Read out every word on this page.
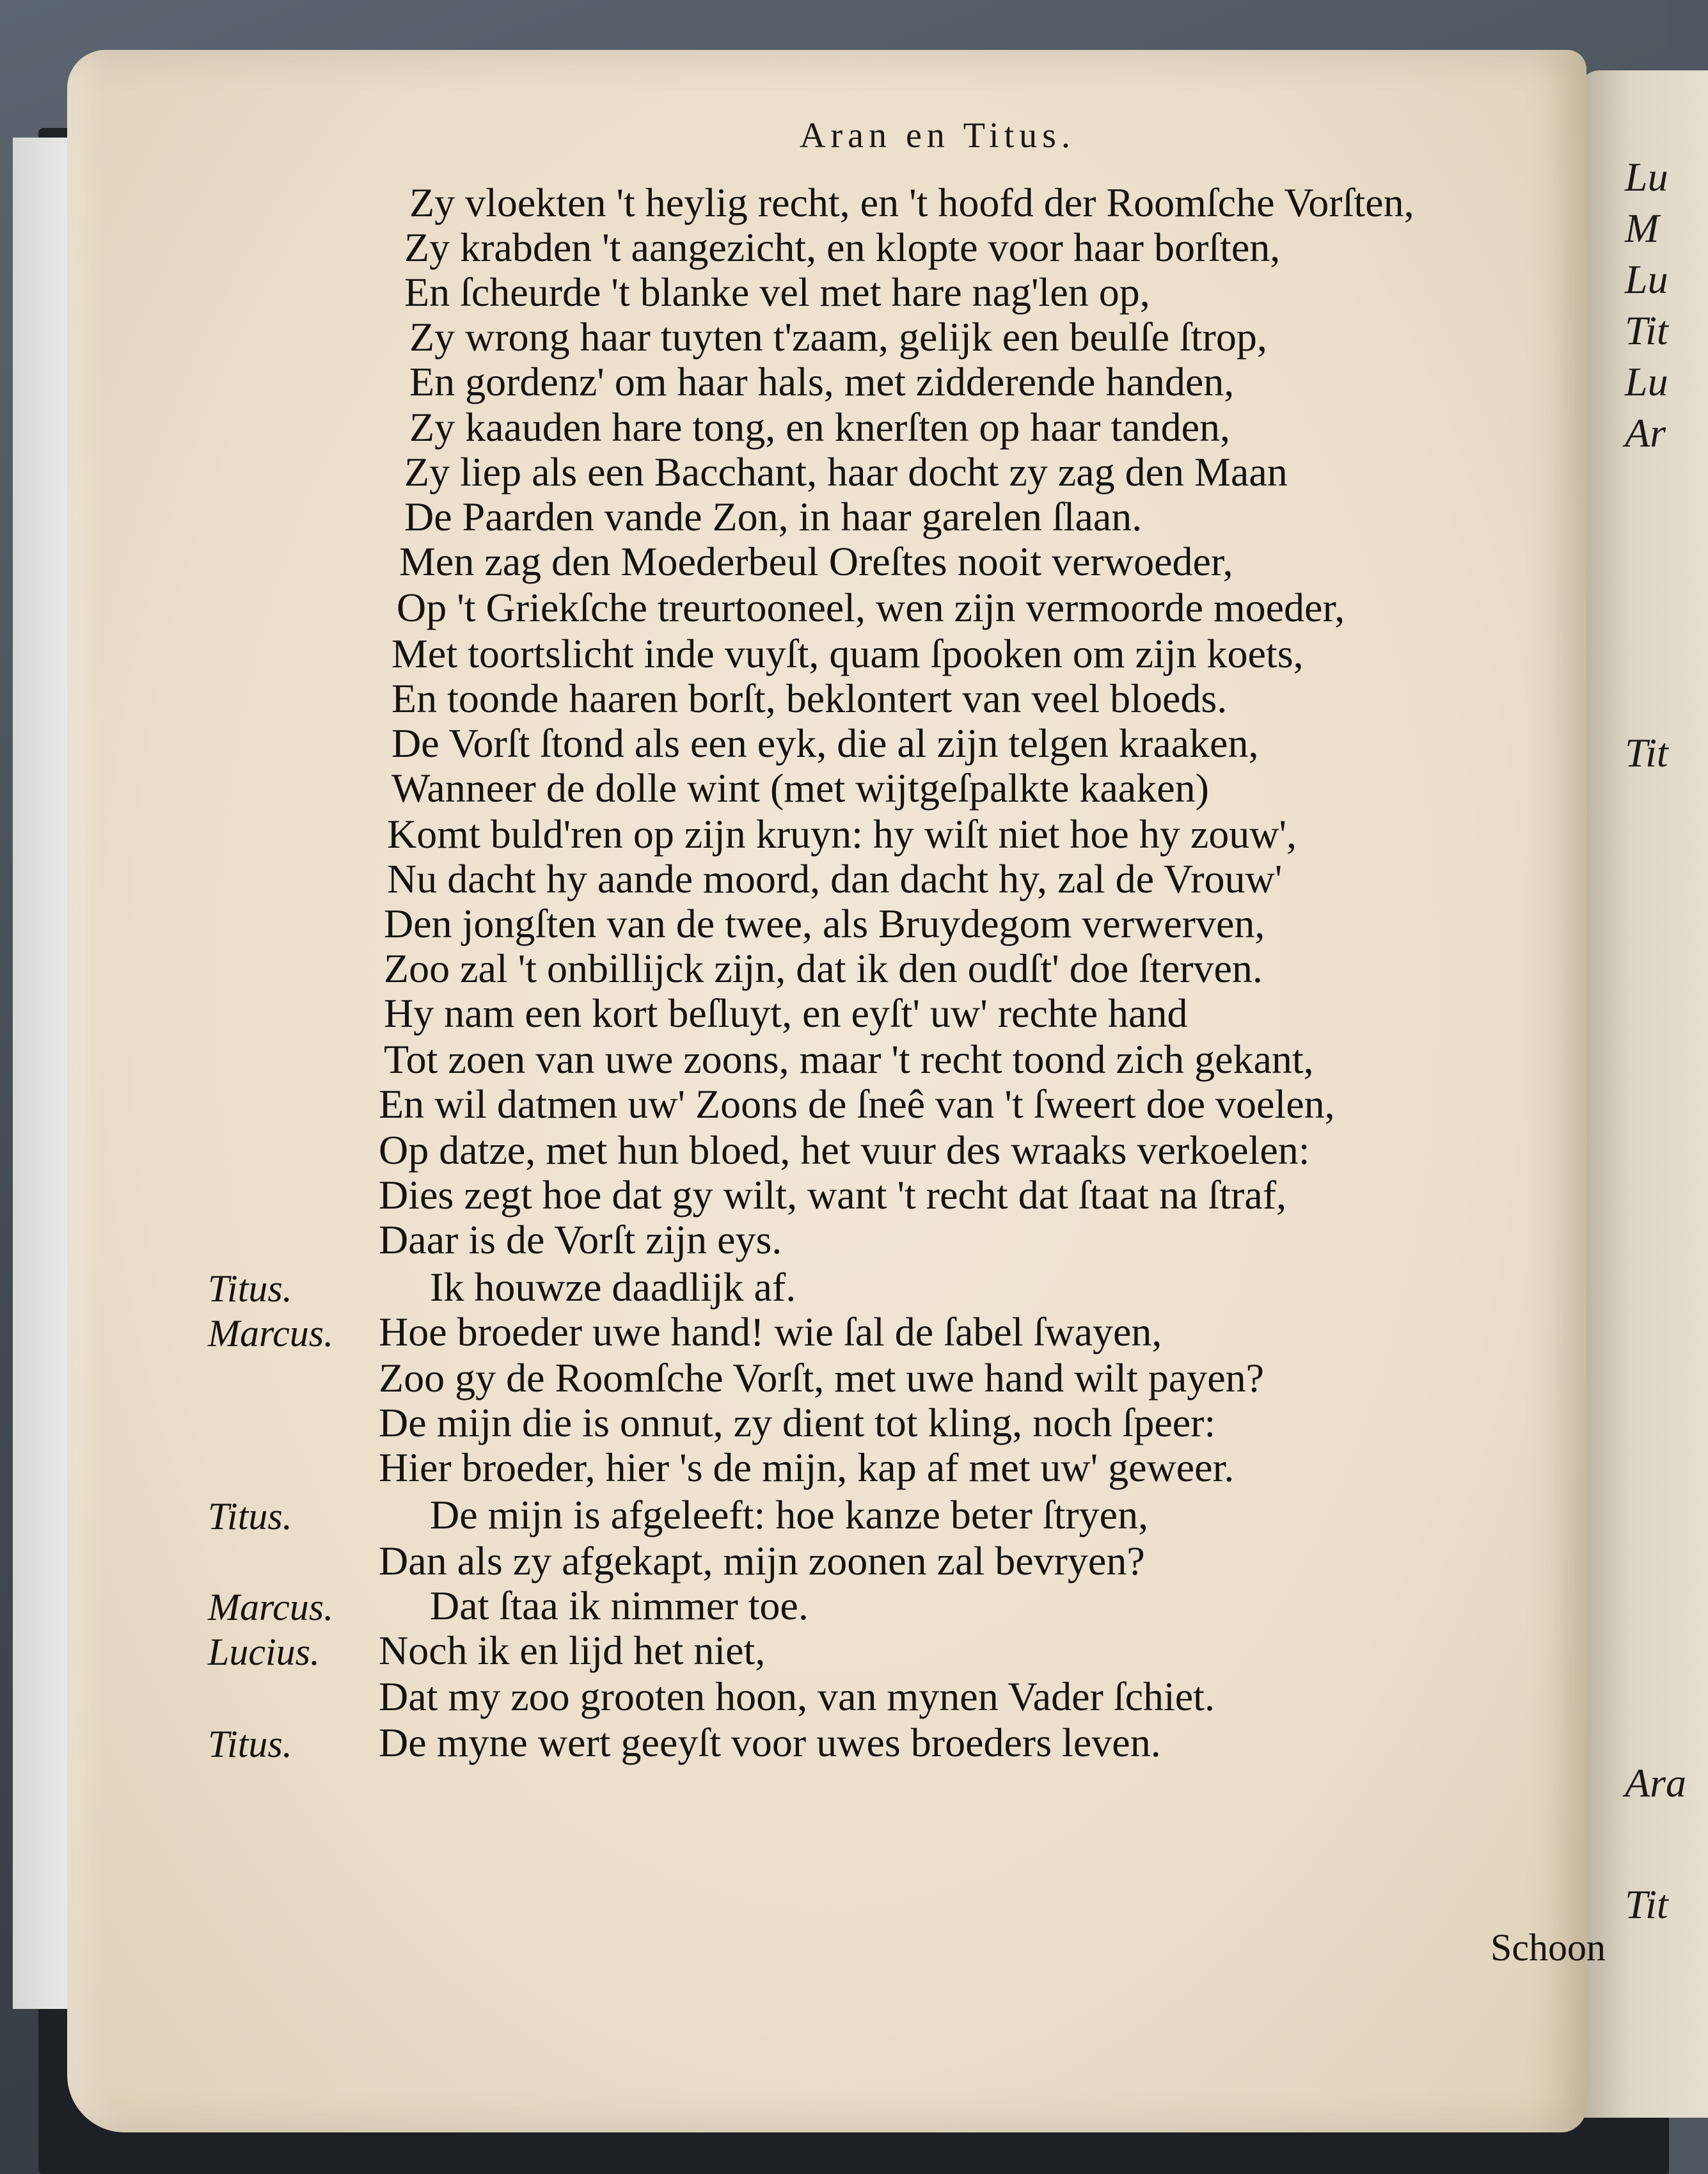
Lu
M
Lu
Tit
Lu
Ar
Tit
Ara
Tit
Aran en Titus.
Zy vloekten 't heylig recht, en 't hoofd der Roomſche Vorſten,
Zy krabden 't aangezicht, en klopte voor haar borſten,
En ſcheurde 't blanke vel met hare nag'len op,
Zy wrong haar tuyten t'zaam, gelijk een beulſe ſtrop,
En gordenz' om haar hals, met zidderende handen,
Zy kaauden hare tong, en knerſten op haar tanden,
Zy liep als een Bacchant, haar docht zy zag den Maan
De Paarden vande Zon, in haar garelen ſlaan.
Men zag den Moederbeul Oreſtes nooit verwoeder,
Op 't Griekſche treurtooneel, wen zijn vermoorde moeder,
Met toortslicht inde vuyſt, quam ſpooken om zijn koets,
En toonde haaren borſt, beklontert van veel bloeds.
De Vorſt ſtond als een eyk, die al zijn telgen kraaken,
Wanneer de dolle wint (met wijtgeſpalkte kaaken)
Komt buld'ren op zijn kruyn: hy wiſt niet hoe hy zouw',
Nu dacht hy aande moord, dan dacht hy, zal de Vrouw'
Den jongſten van de twee, als Bruydegom verwerven,
Zoo zal 't onbillijck zijn, dat ik den oudſt' doe ſterven.
Hy nam een kort beſluyt, en eyſt' uw' rechte hand
Tot zoen van uwe zoons, maar 't recht toond zich gekant,
En wil datmen uw' Zoons de ſneê van 't ſweert doe voelen,
Op datze, met hun bloed, het vuur des wraaks verkoelen:
Dies zegt hoe dat gy wilt, want 't recht dat ſtaat na ſtraf,
Daar is de Vorſt zijn eys.
Titus.	Ik houwze daadlijk af.
Marcus. Hoe broeder uwe hand! wie ſal de ſabel ſwayen,
Zoo gy de Roomſche Vorſt, met uwe hand wilt payen?
De mijn die is onnut, zy dient tot kling, noch ſpeer:
Hier broeder, hier 's de mijn, kap af met uw' geweer.
Titus.	De mijn is afgeleeft: hoe kanze beter ſtryen,
Dan als zy afgekapt, mijn zoonen zal bevryen?
Marcus. Dat ſtaa ik nimmer toe.
Lucius. Noch ik en lijd het niet,
Dat my zoo grooten hoon, van mynen Vader ſchiet.
Titus. De myne wert geeyſt voor uwes broeders leven.
Schoon
